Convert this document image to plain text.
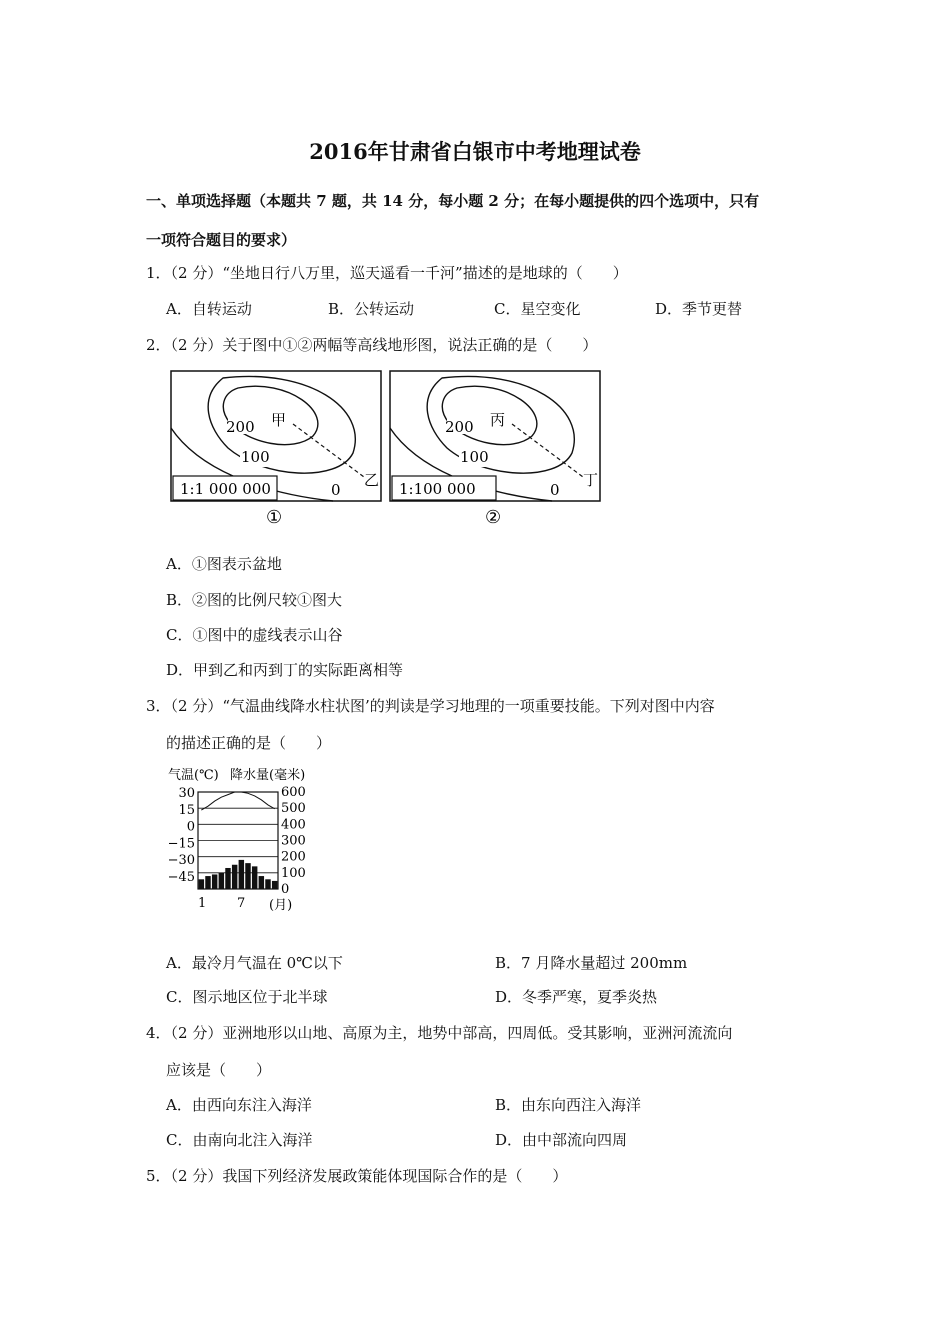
2016年甘肃省白银市中考地理试卷
一、单项选择题（本题共 7 题，共 14 分，每小题 2 分；在每小题提供的四个选项中，只有
一项符合题目的要求）
1．（2 分）“坐地日行八万里，巡天遥看一千河”描述的是地球的（　　）
A．自转运动	B．公转运动	C．星空变化	D．季节更替
2．（2 分）关于图中①②两幅等高线地形图，说法正确的是（　　）
200
100
0
甲
乙
1:1 000 000
①
200
100
0
丙
丁
1:100 000
②
A．①图表示盆地
B．②图的比例尺较①图大
C．①图中的虚线表示山谷
D．甲到乙和丙到丁的实际距离相等
3．（2 分）“气温曲线降水柱状图’的判读是学习地理的一项重要技能。下列对图中内容
的描述正确的是（　　）
气温(℃) 降水量(毫米)
30
15
0
−15
−30
−45
600
500
400
300
200
100
0
1 7 (月)
A．最冷月气温在 0℃以下	B．7 月降水量超过 200mm
C．图示地区位于北半球	D．冬季严寒，夏季炎热
4．（2 分）亚洲地形以山地、高原为主，地势中部高，四周低。受其影响，亚洲河流流向
应该是（　　）
A．由西向东注入海洋	B．由东向西注入海洋
C．由南向北注入海洋	D．由中部流向四周
5．（2 分）我国下列经济发展政策能体现国际合作的是（　　）
